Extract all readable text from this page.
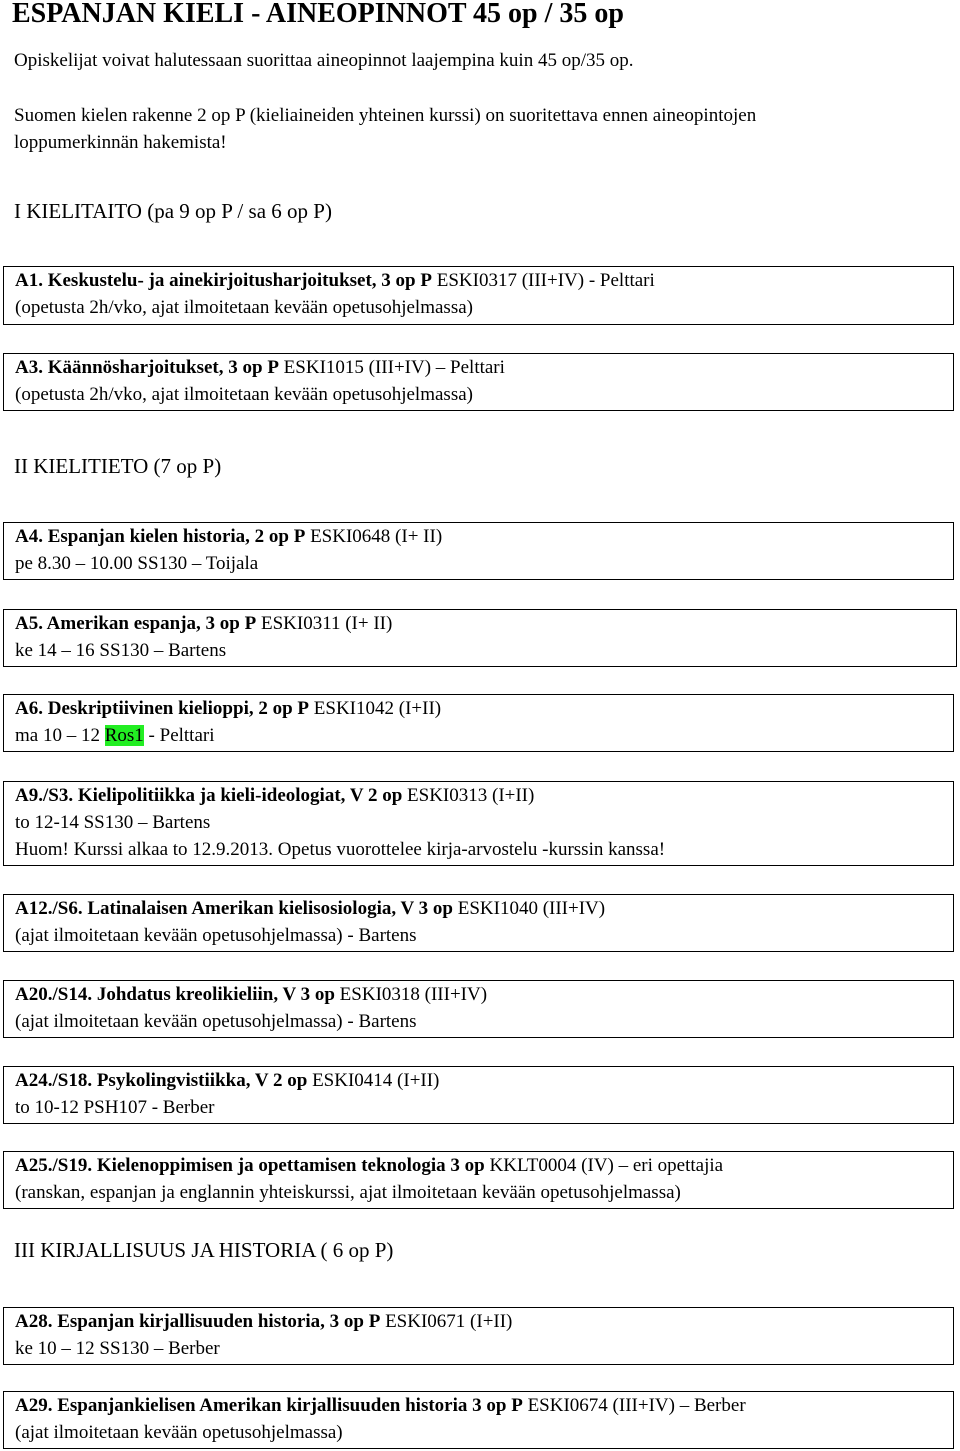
ESPANJAN KIELI - AINEOPINNOT 45 op / 35 op
Opiskelijat voivat halutessaan suorittaa aineopinnot laajempina kuin 45 op/35 op.
Suomen kielen rakenne 2 op P (kieliaineiden yhteinen kurssi) on suoritettava ennen aineopintojen
loppumerkinnän hakemista!
I KIELITAITO (pa 9 op P / sa 6 op P)
A1. Keskustelu- ja ainekirjoitusharjoitukset, 3 op P ESKI0317 (III+IV) - Pelttari
(opetusta 2h/vko, ajat ilmoitetaan kevään opetusohjelmassa)
A3. Käännösharjoitukset, 3 op P ESKI1015 (III+IV) – Pelttari
(opetusta 2h/vko, ajat ilmoitetaan kevään opetusohjelmassa)
II KIELITIETO (7 op P)
A4. Espanjan kielen historia, 2 op P ESKI0648 (I+ II)
pe 8.30 – 10.00 SS130 – Toijala
A5. Amerikan espanja, 3 op P ESKI0311 (I+ II)
ke 14 – 16 SS130 – Bartens
A6. Deskriptiivinen kielioppi, 2 op P ESKI1042 (I+II)
ma 10 – 12 Ros1 - Pelttari
A9./S3. Kielipolitiikka ja kieli-ideologiat, V 2 op ESKI0313 (I+II)
to 12-14 SS130 – Bartens
Huom! Kurssi alkaa to 12.9.2013. Opetus vuorottelee kirja-arvostelu -kurssin kanssa!
A12./S6. Latinalaisen Amerikan kielisosiologia, V 3 op ESKI1040 (III+IV)
(ajat ilmoitetaan kevään opetusohjelmassa) - Bartens
A20./S14. Johdatus kreolikieliin, V 3 op ESKI0318 (III+IV)
(ajat ilmoitetaan kevään opetusohjelmassa) - Bartens
A24./S18. Psykolingvistiikka, V 2 op ESKI0414 (I+II)
to 10-12 PSH107 - Berber
A25./S19. Kielenoppimisen ja opettamisen teknologia 3 op KKLT0004 (IV) – eri opettajia
(ranskan, espanjan ja englannin yhteiskurssi, ajat ilmoitetaan kevään opetusohjelmassa)
III KIRJALLISUUS JA HISTORIA ( 6 op P)
A28. Espanjan kirjallisuuden historia, 3 op P ESKI0671 (I+II)
ke 10 – 12 SS130 – Berber
A29. Espanjankielisen Amerikan kirjallisuuden historia 3 op P ESKI0674 (III+IV) – Berber
(ajat ilmoitetaan kevään opetusohjelmassa)
